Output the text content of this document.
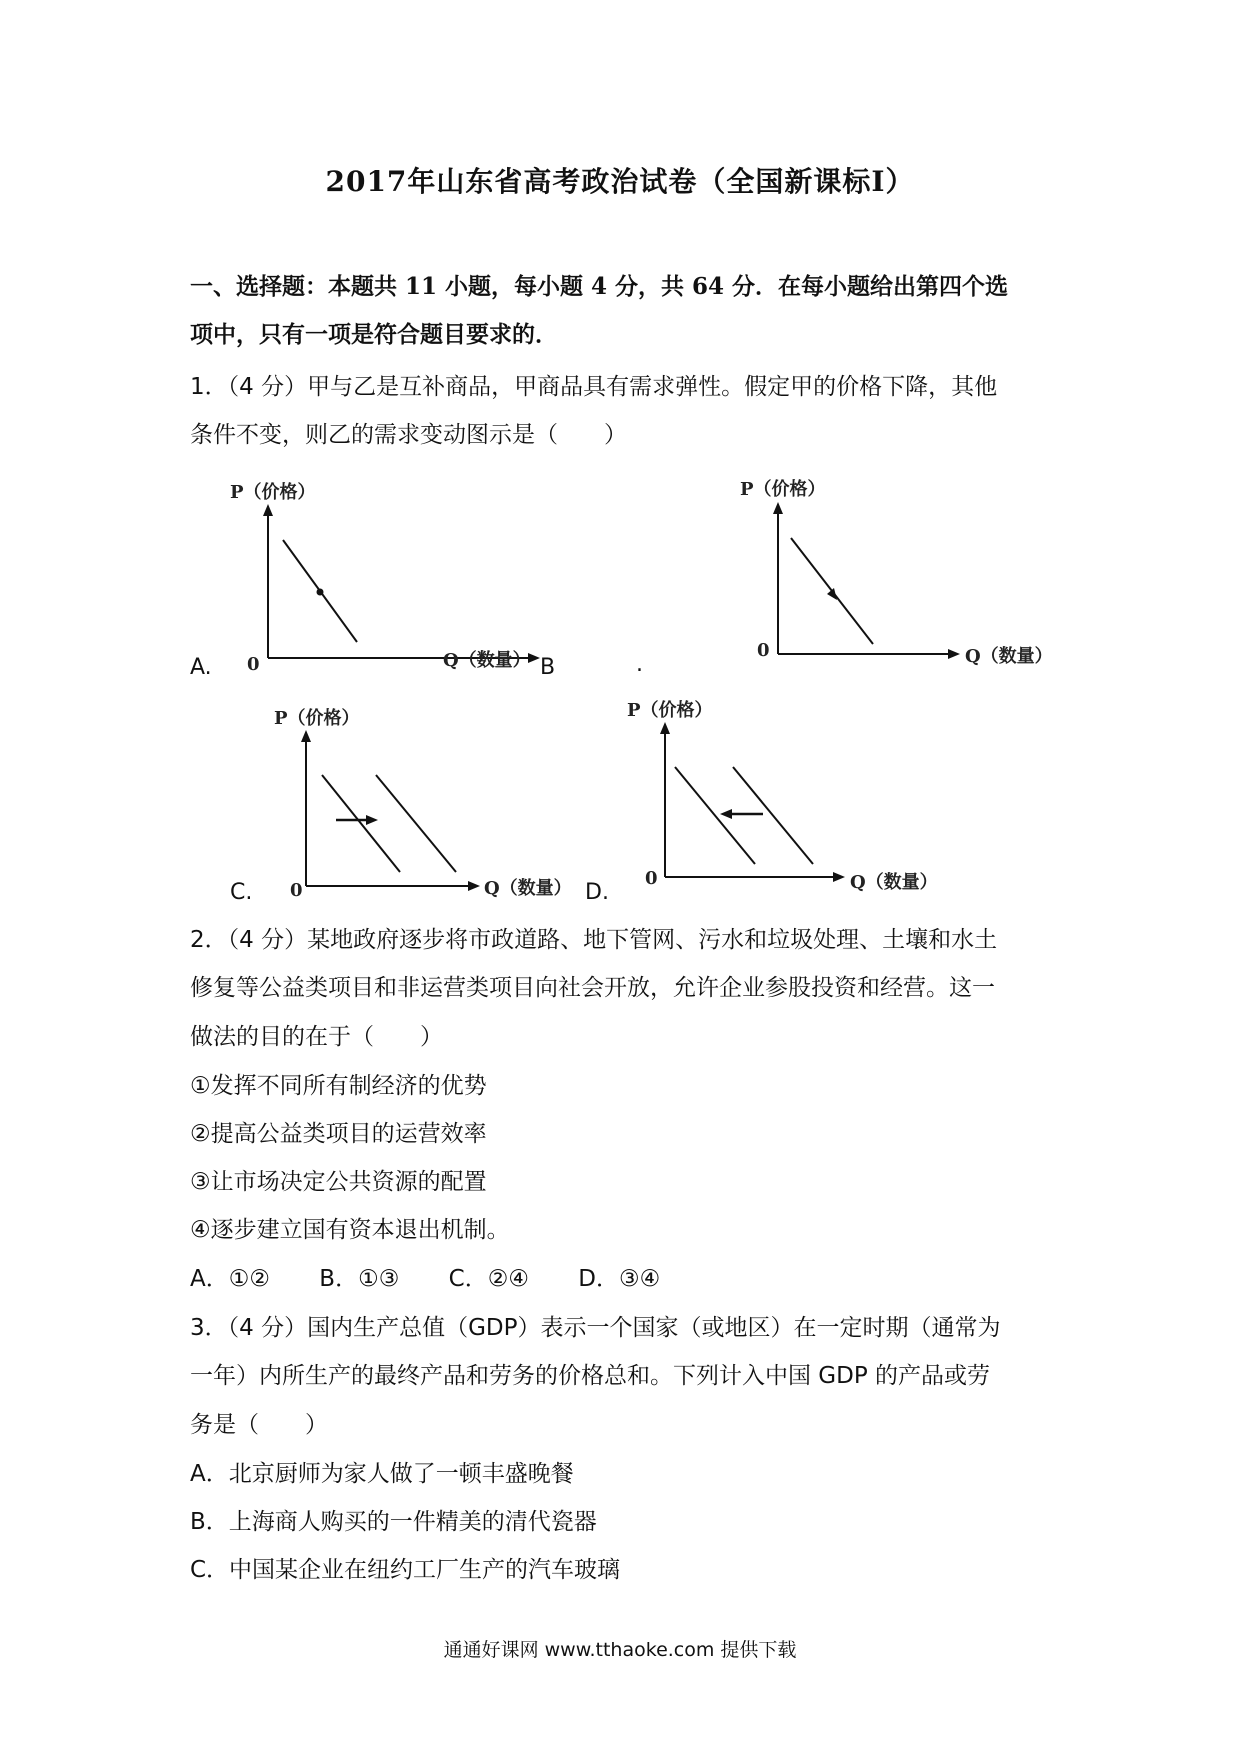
2017年山东省高考政治试卷（全国新课标Ⅰ）
一、选择题：本题共 11 小题，每小题 4 分，共 64 分．在每小题给出第四个选
项中，只有一项是符合题目要求的．
1．（4 分）甲与乙是互补商品，甲商品具有需求弹性。假定甲的价格下降，其他
条件不变，则乙的需求变动图示是（　　）
P（价格）
0	Q（数量）
A.	B	.
P（价格）
0	Q（数量）
P（价格）
0	Q（数量）
C.	D.
P（价格）
0	Q（数量）
2．（4 分）某地政府逐步将市政道路、地下管网、污水和垃圾处理、土壤和水土
修复等公益类项目和非运营类项目向社会开放，允许企业参股投资和经营。这一
做法的目的在于（　　）
①发挥不同所有制经济的优势
②提高公益类项目的运营效率
③让市场决定公共资源的配置
④逐步建立国有资本退出机制。
A．①② B．①③ C．②④ D．③④
3．（4 分）国内生产总值（GDP）表示一个国家（或地区）在一定时期（通常为
一年）内所生产的最终产品和劳务的价格总和。下列计入中国 GDP 的产品或劳
务是（　　）
A．北京厨师为家人做了一顿丰盛晚餐
B．上海商人购买的一件精美的清代瓷器
C．中国某企业在纽约工厂生产的汽车玻璃
通通好课网 www.tthaoke.com 提供下载
